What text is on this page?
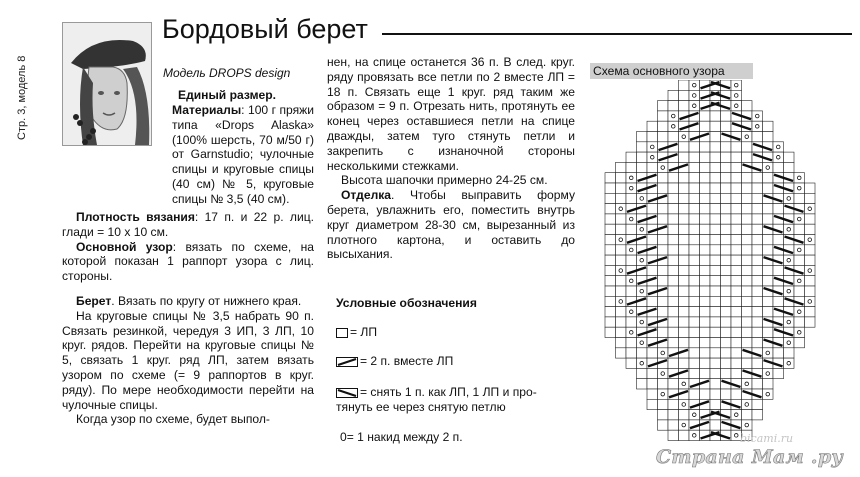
Стр. 3, модель 8
Бордовый берет
Модель DROPS design

Единый размер.

Материалы: 100 г пряжи типа «Drops Alaska» (100% шерсть, 70 м/50 г) от Garnstudio; чулочные спицы и круговые спицы (40 см) № 5, круговые спицы № 3,5 (40 см).

Плотность вязания: 17 п. и 22 р. лиц. глади = 10 х 10 см.

Основной узор: вязать по схеме, на которой показан 1 раппорт узора с лиц. стороны.

Берет. Вязать по кругу от нижнего края.

На круговые спицы № 3,5 набрать 90 п. Связать резинкой, чередуя 3 ИП, 3 ЛП, 10 круг. рядов. Перейти на круговые спицы № 5, связать 1 круг. ряд ЛП, затем вязать узором по схеме (= 9 раппортов в круг. ряду). По мере необходимости перейти на чулочные спицы.

Когда узор по схеме, будет выпол-

нен, на спице останется 36 п. В след. круг. ряду провязать все петли по 2 вместе ЛП = 18 п. Связать еще 1 круг. ряд таким же образом = 9 п. Отрезать нить, протянуть ее конец через оставшиеся петли на спице дважды, затем туго стянуть петли и закрепить с изнаночной стороны несколькими стежками.

Высота шапочки примерно 24-25 см.

Отделка. Чтобы выправить форму берета, увлажнить его, поместить внутрь круг диаметром 28-30 см, вырезанный из плотного картона, и оставить до высыхания.

Условные обозначения
= ЛП
= 2 п. вместе ЛП
= снять 1 п. как ЛП, 1 ЛП и про-
тянуть ее через снятую петлю
0= 1 накид между 2 п.
Схема основного узора
bicami.ru
Страна Мам .ру
